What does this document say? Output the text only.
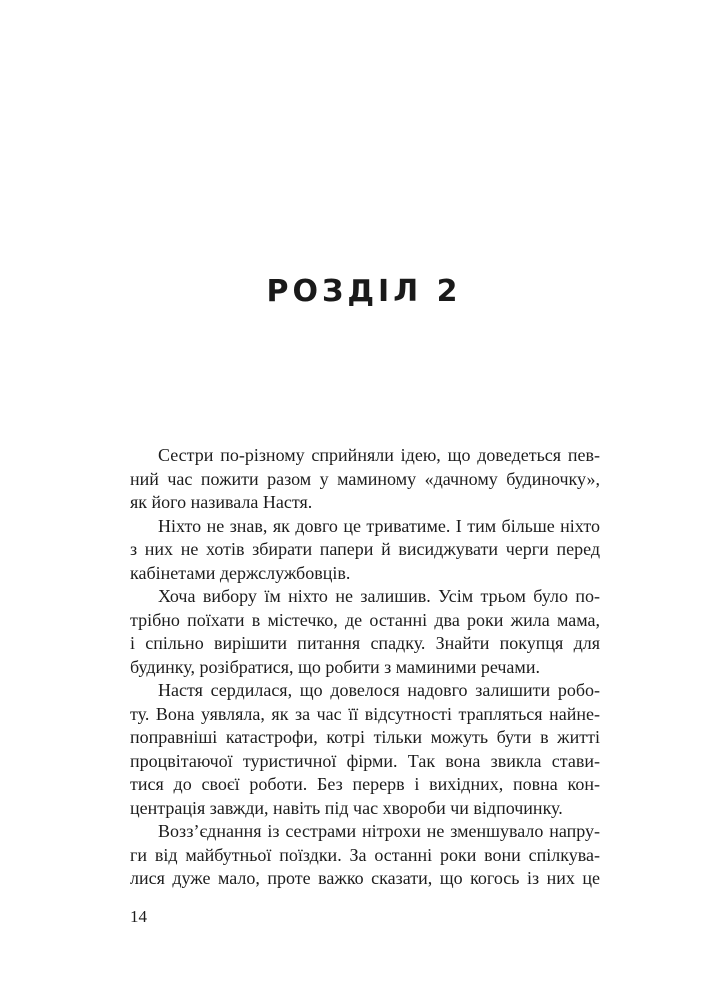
РОЗДІЛ 2
Сестри по-різному сприйняли ідею, що доведеться пев-
ний час пожити разом у маминому «дачному будиночку»,
як його називала Настя.
Ніхто не знав, як довго це триватиме. І тим більше ніхто
з них не хотів збирати папери й висиджувати черги перед
кабінетами держслужбовців.
Хоча вибору їм ніхто не залишив. Усім трьом було по-
трібно поїхати в містечко, де останні два роки жила мама,
і спільно вирішити питання спадку. Знайти покупця для
будинку, розібратися, що робити з маминими речами.
Настя сердилася, що довелося надовго залишити робо-
ту. Вона уявляла, як за час її відсутності трапляться найне-
поправніші катастрофи, котрі тільки можуть бути в житті
процвітаючої туристичної фірми. Так вона звикла стави-
тися до своєї роботи. Без перерв і вихідних, повна кон-
центрація завжди, навіть під час хвороби чи відпочинку.
Возз’єднання із сестрами нітрохи не зменшувало напру-
ги від майбутньої поїздки. За останні роки вони спілкува-
лися дуже мало, проте важко сказати, що когось із них це
14
